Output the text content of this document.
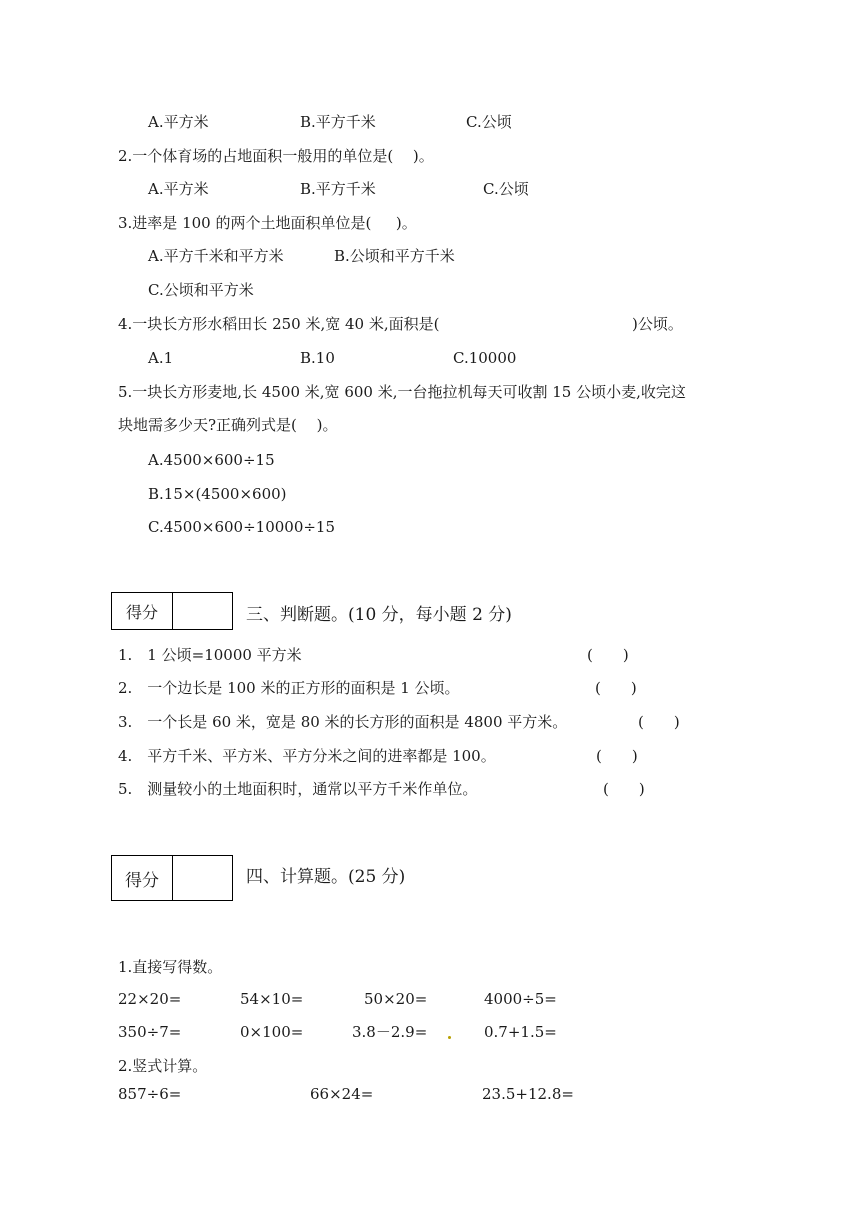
A.平方米	B.平方千米	C.公顷
2.一个体育场的占地面积一般用的单位是(　 )。
A.平方米	B.平方千米	C.公顷
3.进率是 100 的两个土地面积单位是(　  )。
A.平方千米和平方米	B.公顷和平方千米
C.公顷和平方米
4.一块长方形水稻田长 250 米,宽 40 米,面积是(	)公顷。
A.1	B.10	C.10000
5.一块长方形麦地,长 4500 米,宽 600 米,一台拖拉机每天可收割 15 公顷小麦,收完这
块地需多少天?正确列式是(　 )。
A.4500×600÷15
B.15×(4500×600)
C.4500×600÷10000÷15
得分	三、判断题。(10 分，每小题 2 分)
1.　1 公顷=10000 平方米	(　　)
2.　一个边长是 100 米的正方形的面积是 1 公顷。	(　　)
3.　一个长是 60 米，宽是 80 米的长方形的面积是 4800 平方米。	(　　)
4.　平方千米、平方米、平方分米之间的进率都是 100。	(　　)
5.　测量较小的土地面积时，通常以平方千米作单位。	(　　)
得分	四、计算题。(25 分)
1.直接写得数。
22×20=	54×10=	50×20=	4000÷5=
350÷7=	0×100=	3.8－2.9=	0.7+1.5=
2.竖式计算。
857÷6=	66×24=	23.5+12.8=
